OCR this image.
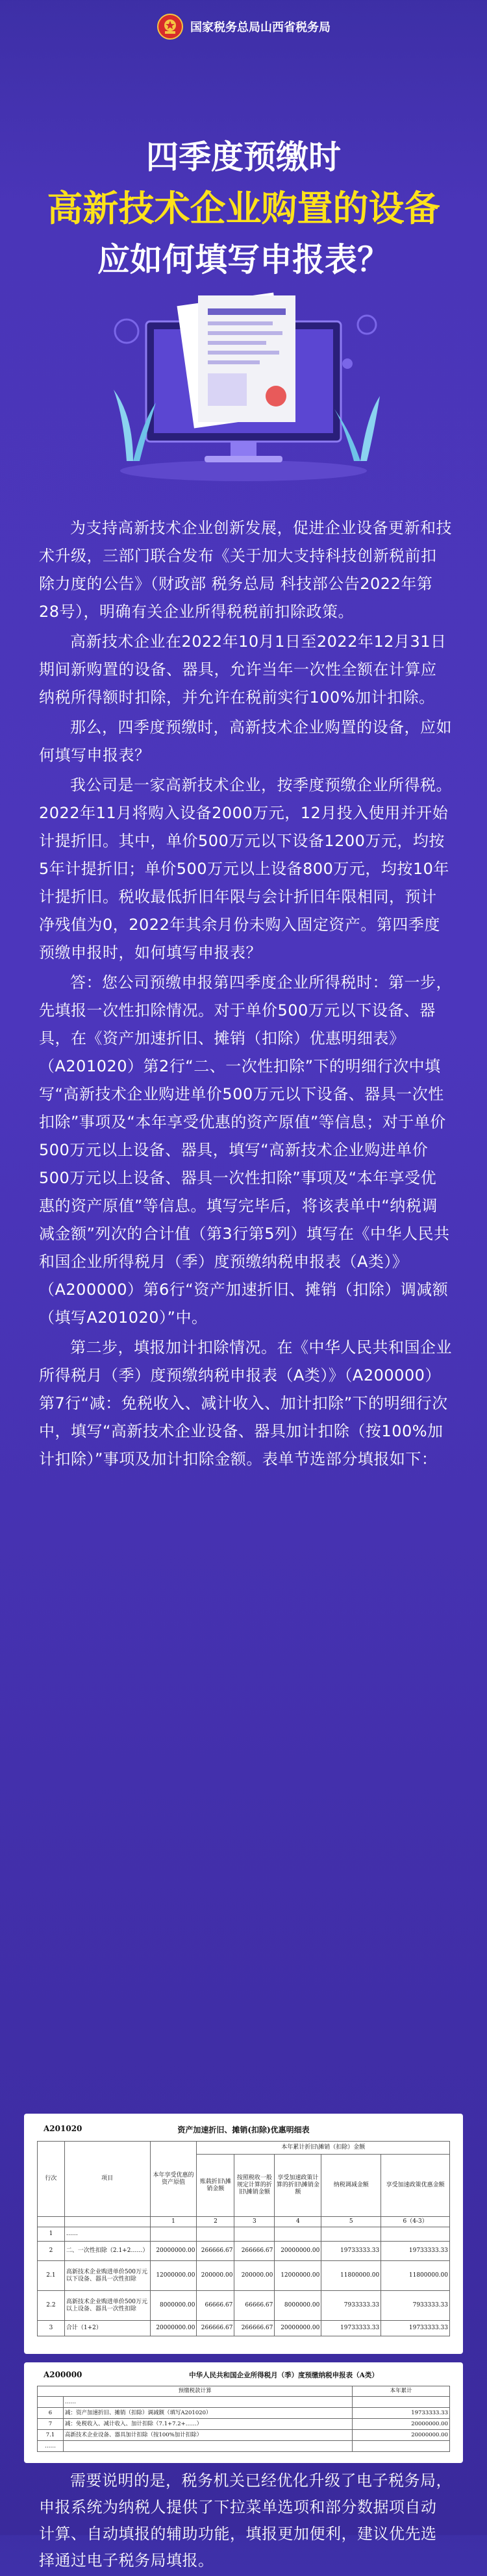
国家税务总局山西省税务局
四季度预缴时
高新技术企业购置的设备
应如何填写申报表？

为支持高新技术企业创新发展，促进企业设备更新和技术升级，三部门联合发布《关于加大支持科技创新税前扣除力度的公告》（财政部 税务总局 科技部公告2022年第28号），明确有关企业所得税税前扣除政策。

高新技术企业在2022年10月1日至2022年12月31日期间新购置的设备、器具，允许当年一次性全额在计算应纳税所得额时扣除，并允许在税前实行100%加计扣除。

那么，四季度预缴时，高新技术企业购置的设备，应如何填写申报表？

我公司是一家高新技术企业，按季度预缴企业所得税。2022年11月将购入设备2000万元，12月投入使用并开始计提折旧。其中，单价500万元以下设备1200万元，均按5年计提折旧；单价500万元以上设备800万元，均按10年计提折旧。税收最低折旧年限与会计折旧年限相同，预计净残值为0，2022年其余月份未购入固定资产。第四季度预缴申报时，如何填写申报表？

答：您公司预缴申报第四季度企业所得税时：第一步，先填报一次性扣除情况。对于单价500万元以下设备、器具，在《资产加速折旧、摊销（扣除）优惠明细表》（A201020）第2行“二、一次性扣除”下的明细行次中填写“高新技术企业购进单价500万元以下设备、器具一次性扣除”事项及“本年享受优惠的资产原值”等信息；对于单价500万元以上设备、器具，填写“高新技术企业购进单价500万元以上设备、器具一次性扣除”事项及“本年享受优惠的资产原值”等信息。填写完毕后，将该表单中“纳税调减金额”列次的合计值（第3行第5列）填写在《中华人民共和国企业所得税月（季）度预缴纳税申报表（A类）》（A200000）第6行“资产加速折旧、摊销（扣除）调减额（填写A201020）”中。

第二步，填报加计扣除情况。在《中华人民共和国企业所得税月（季）度预缴纳税申报表（A类）》（A200000）第7行“减：免税收入、减计收入、加计扣除”下的明细行次中，填写“高新技术企业设备、器具加计扣除（按100%加计扣除）”事项及加计扣除金额。表单节选部分填报如下：

A201020	资产加速折旧、摊销(扣除)优惠明细表
行次	项目	本年享受优惠的资产原值	本年累计折旧\摊销（扣除）金额				
			账载折旧\摊销金额	按照税收一般规定计算的折旧\摊销金额	享受加速政策计算的折旧\摊销金额	纳税调减金额	享受加速政策优惠金额
		1	2	3	4	5	6（4-3）
1	……						
2	二、一次性扣除（2.1+2……）	20000000.00	266666.67	266666.67	20000000.00	19733333.33	19733333.33
2.1	高新技术企业购进单价500万元以下设备、器具一次性扣除	12000000.00	200000.00	200000.00	12000000.00	11800000.00	11800000.00
2.2	高新技术企业购进单价500万元以上设备、器具一次性扣除	8000000.00	66666.67	66666.67	8000000.00	7933333.33	7933333.33
3	合计（1+2）	20000000.00	266666.67	266666.67	20000000.00	19733333.33	19733333.33
A200000	中华人民共和国企业所得税月（季）度预缴纳税申报表（A类）
预缴税款计算		本年累计
	……	
6	减：资产加速折旧、摊销（扣除）调减额（填写A201020）	19733333.33
7	减：免税收入、减计收入、加计扣除（7.1+7.2+……）	20000000.00
7.1	高新技术企业设备、器具加计扣除（按100%加计扣除）	20000000.00
……		

需要说明的是，税务机关已经优化升级了电子税务局，申报系统为纳税人提供了下拉菜单选项和部分数据项自动计算、自动填报的辅助功能，填报更加便利，建议优先选择通过电子税务局填报。
